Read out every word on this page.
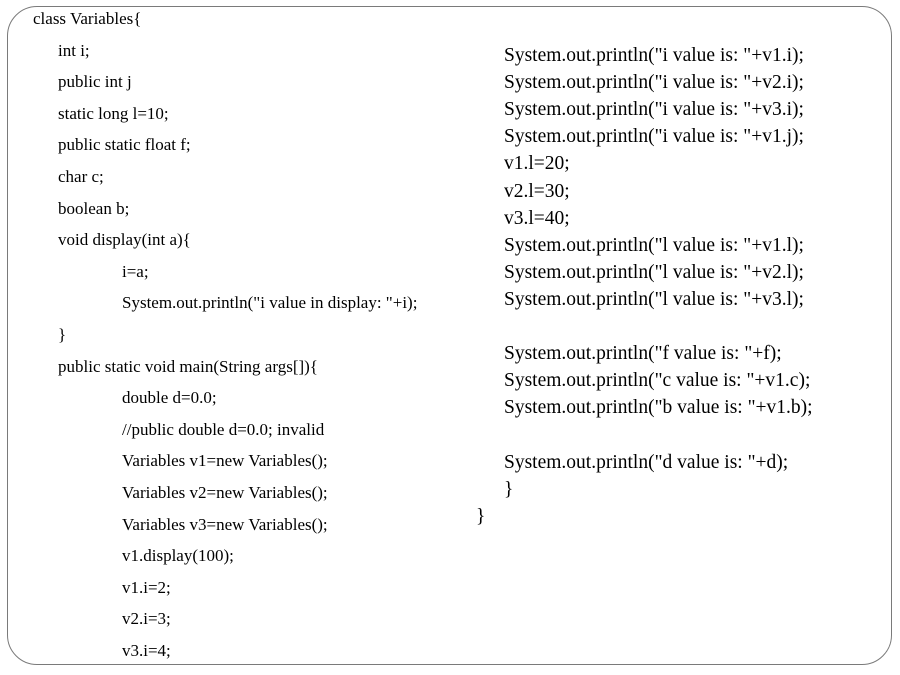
class Variables{
int i;
public int j
static long l=10;
public static float f;
char c;
boolean b;
void display(int a){
i=a;
System.out.println("i value in display: "+i);
}
public static void main(String args[]){
double d=0.0;
//public double d=0.0; invalid
Variables v1=new Variables();
Variables v2=new Variables();
Variables v3=new Variables();
v1.display(100);
v1.i=2;
v2.i=3;
v3.i=4;
System.out.println("i value is: "+v1.i);
System.out.println("i value is: "+v2.i);
System.out.println("i value is: "+v3.i);
System.out.println("i value is: "+v1.j);
v1.l=20;
v2.l=30;
v3.l=40;
System.out.println("l value is: "+v1.l);
System.out.println("l value is: "+v2.l);
System.out.println("l value is: "+v3.l);
System.out.println("f value is: "+f);
System.out.println("c value is: "+v1.c);
System.out.println("b value is: "+v1.b);
System.out.println("d value is: "+d);
}
}
